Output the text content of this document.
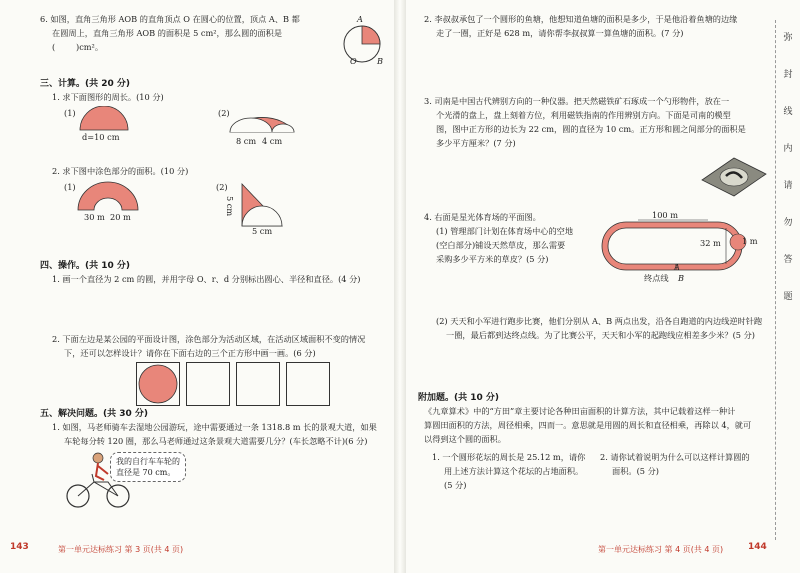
6. 如图，直角三角形 AOB 的直角顶点 O 在圆心的位置，顶点 A、B 都
在圆周上，直角三角形 AOB 的面积是 5 cm²，那么圆的面积是
(        )cm²。
A
O B
三、计算。(共 20 分)
1. 求下面图形的周长。(10 分)
(1)
d=10 cm
(2)
8 cm 4 cm
2. 求下图中涂色部分的面积。(10 分)
(1)
30 m  20 m
(2)
5 cm
5 cm
四、操作。(共 10 分)
1. 画一个直径为 2 cm 的圆，并用字母 O、r、d 分别标出圆心、半径和直径。(4 分)
2. 下面左边是某公园的平面设计图，涂色部分为活动区域，在活动区域面积不变的情况
下，还可以怎样设计？请你在下面右边的三个正方形中画一画。(6 分)
五、解决问题。(共 30 分)
1. 如图，马老师骑车去湿地公园游玩，途中需要通过一条 1318.8 m 长的景观大道，如果
车轮每分转 120 圈，那么马老师通过这条景观大道需要几分？(车长忽略不计)(6 分)
我的自行车车轮的
直径是 70 cm。
143	第一单元达标练习 第 3 页(共 4 页)
2. 李叔叔承包了一个圆形的鱼塘，他想知道鱼塘的面积是多少，于是他沿着鱼塘的边缘
走了一圈，正好是 628 m，请你帮李叔叔算一算鱼塘的面积。(7 分)
3. 司南是中国古代辨别方向的一种仪器。把天然磁铁矿石琢成一个勺形物件，放在一
个光滑的盘上，盘上刻着方位，利用磁铁指南的作用辨别方向。下面是司南的模型
图，图中正方形的边长为 22 cm，圆的直径为 10 cm。正方形和圆之间部分的面积是
多少平方厘米？(7 分)
4. 右面是星光体育场的平面图。
(1) 管理部门计划在体育场中心的空地
(空白部分)铺设天然草皮，那么需要
采购多少平方米的草皮？(5 分)
100 m
32 m	1 m
A
终点线 B
(2) 天天和小军进行跑步比赛，他们分别从 A、B 两点出发，沿各自跑道的内边线逆时针跑
一圈，最后都到达终点线。为了比赛公平，天天和小军的起跑线应相差多少米？(5 分)
附加题。(共 10 分)
《九章算术》中的“方田”章主要讨论各种田亩面积的计算方法，其中记载着这样一种计
算圆田面积的方法，周径相乘，四而一。意思就是用圆的周长和直径相乘，再除以 4，就可
以得到这个圆的面积。
1. 一个圆形花坛的周长是 25.12 m，请你
用上述方法计算这个花坛的占地面积。
(5 分)
2. 请你试着说明为什么可以这样计算圆的
面积。(5 分)
第一单元达标练习 第 4 页(共 4 页)	144
弥
封
线
内
请
勿
答
题
